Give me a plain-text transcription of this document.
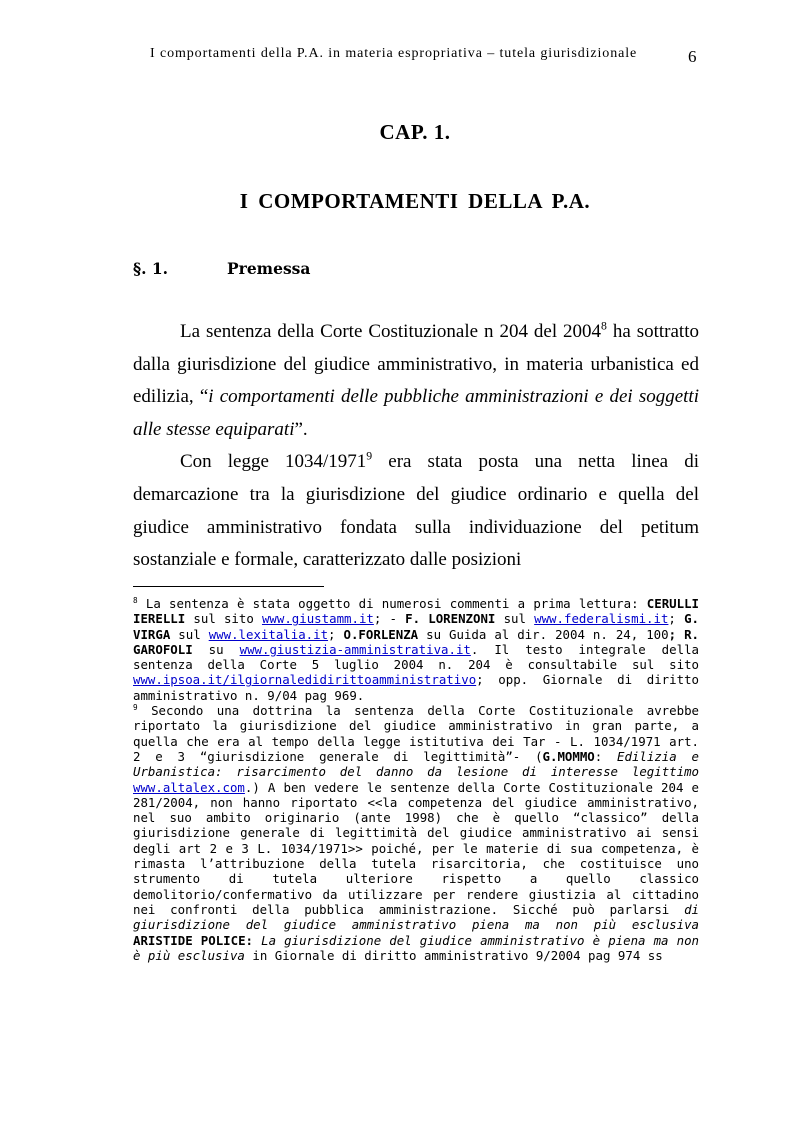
I comportamenti della P.A. in materia espropriativa – tutela giurisdizionale	6
CAP. 1.
I COMPORTAMENTI DELLA P.A.
§. 1.	Premessa

La sentenza della Corte Costituzionale n 204 del 2004$^8$ ha sottratto dalla giurisdizione del giudice amministrativo, in materia urbanistica ed edilizia, “i comportamenti delle pubbliche amministrazioni e dei soggetti alle stesse equiparati”.

Con legge 1034/1971$^9$ era stata posta una netta linea di demarcazione tra la giurisdizione del giudice ordinario e quella del giudice amministrativo fondata sulla individuazione del petitum sostanziale e formale, caratterizzato dalle posizioni

$^8$ La sentenza è stata oggetto di numerosi commenti a prima lettura: CERULLI IERELLI sul sito www.giustamm.it; - F. LORENZONI sul www.federalismi.it; G. VIRGA sul www.lexitalia.it; O.FORLENZA su Guida al dir. 2004 n. 24, 100; R. GAROFOLI su www.giustizia-amministrativa.it. Il testo integrale della sentenza della Corte 5 luglio 2004 n. 204 è consultabile sul sito www.ipsoa.it/ilgiornaledidirittoamministrativo; opp. Giornale di diritto amministrativo n. 9/04 pag 969.

$^9$ Secondo una dottrina la sentenza della Corte Costituzionale avrebbe riportato la giurisdizione del giudice amministrativo in gran parte, a quella che era al tempo della legge istitutiva dei Tar - L. 1034/1971 art. 2 e 3 “giurisdizione generale di legittimità”- (G.MOMMO: Edilizia e Urbanistica: risarcimento del danno da lesione di interesse legittimo www.altalex.com.) A ben vedere le sentenze della Corte Costituzionale 204 e 281/2004, non hanno riportato <<la competenza del giudice amministrativo, nel suo ambito originario (ante 1998) che è quello “classico” della giurisdizione generale di legittimità del giudice amministrativo ai sensi degli art 2 e 3 L. 1034/1971>> poiché, per le materie di sua competenza, è rimasta l’attribuzione della tutela risarcitoria, che costituisce uno strumento di tutela ulteriore rispetto a quello classico demolitorio/confermativo da utilizzare per rendere giustizia al cittadino nei confronti della pubblica amministrazione. Sicché può parlarsi di giurisdizione del giudice amministrativo piena ma non più esclusiva ARISTIDE POLICE: La giurisdizione del giudice amministrativo è piena ma non è più esclusiva in Giornale di diritto amministrativo 9/2004 pag 974 ss
